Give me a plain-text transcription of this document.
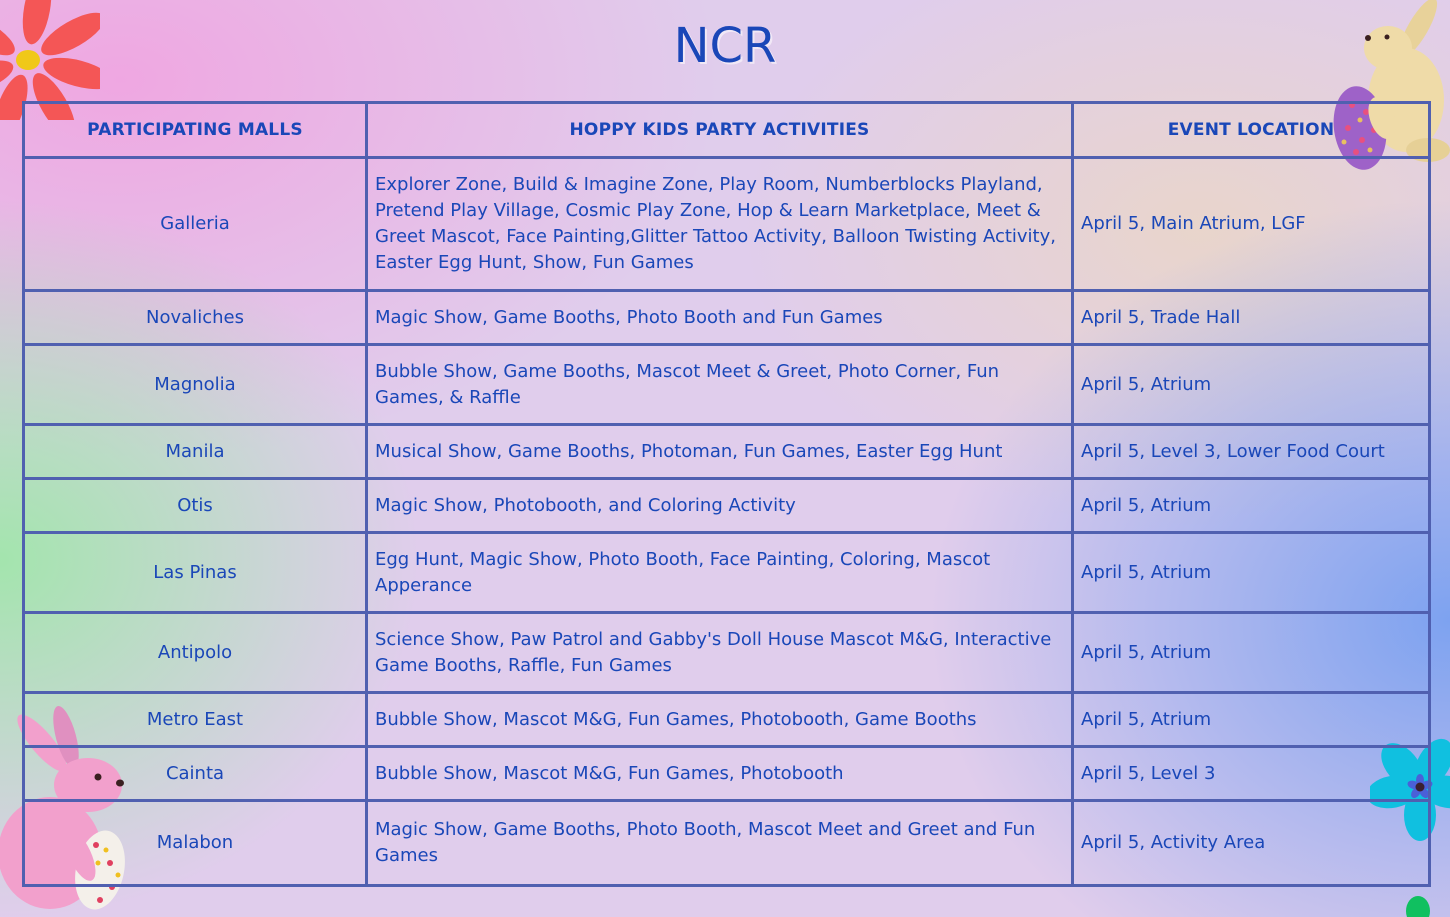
NCR
PARTICIPATING MALLS	HOPPY KIDS PARTY ACTIVITIES	EVENT LOCATION
Galleria	Explorer Zone, Build & Imagine Zone, Play Room, Numberblocks Playland, Pretend Play Village, Cosmic Play Zone, Hop & Learn Marketplace, Meet & Greet Mascot, Face Painting,Glitter Tattoo Activity, Balloon Twisting Activity, Easter Egg Hunt, Show, Fun Games	April 5, Main Atrium, LGF
Novaliches	Magic Show, Game Booths, Photo Booth and Fun Games	April 5, Trade Hall
Magnolia	Bubble Show, Game Booths, Mascot Meet & Greet, Photo Corner, Fun Games, & Raffle	April 5, Atrium
Manila	Musical Show, Game Booths, Photoman, Fun Games, Easter Egg Hunt	April 5, Level 3, Lower Food Court
Otis	Magic Show, Photobooth, and Coloring Activity	April 5, Atrium
Las Pinas	Egg Hunt, Magic Show, Photo Booth, Face Painting, Coloring, Mascot Apperance	April 5, Atrium
Antipolo	Science Show, Paw Patrol and Gabby's Doll House Mascot M&G, Interactive Game Booths, Raffle, Fun Games	April 5, Atrium
Metro East	Bubble Show, Mascot M&G, Fun Games, Photobooth, Game Booths	April 5, Atrium
Cainta	Bubble Show, Mascot M&G, Fun Games, Photobooth	April 5, Level 3
Malabon	Magic Show, Game Booths, Photo Booth, Mascot Meet and Greet and Fun Games	April 5, Activity Area
